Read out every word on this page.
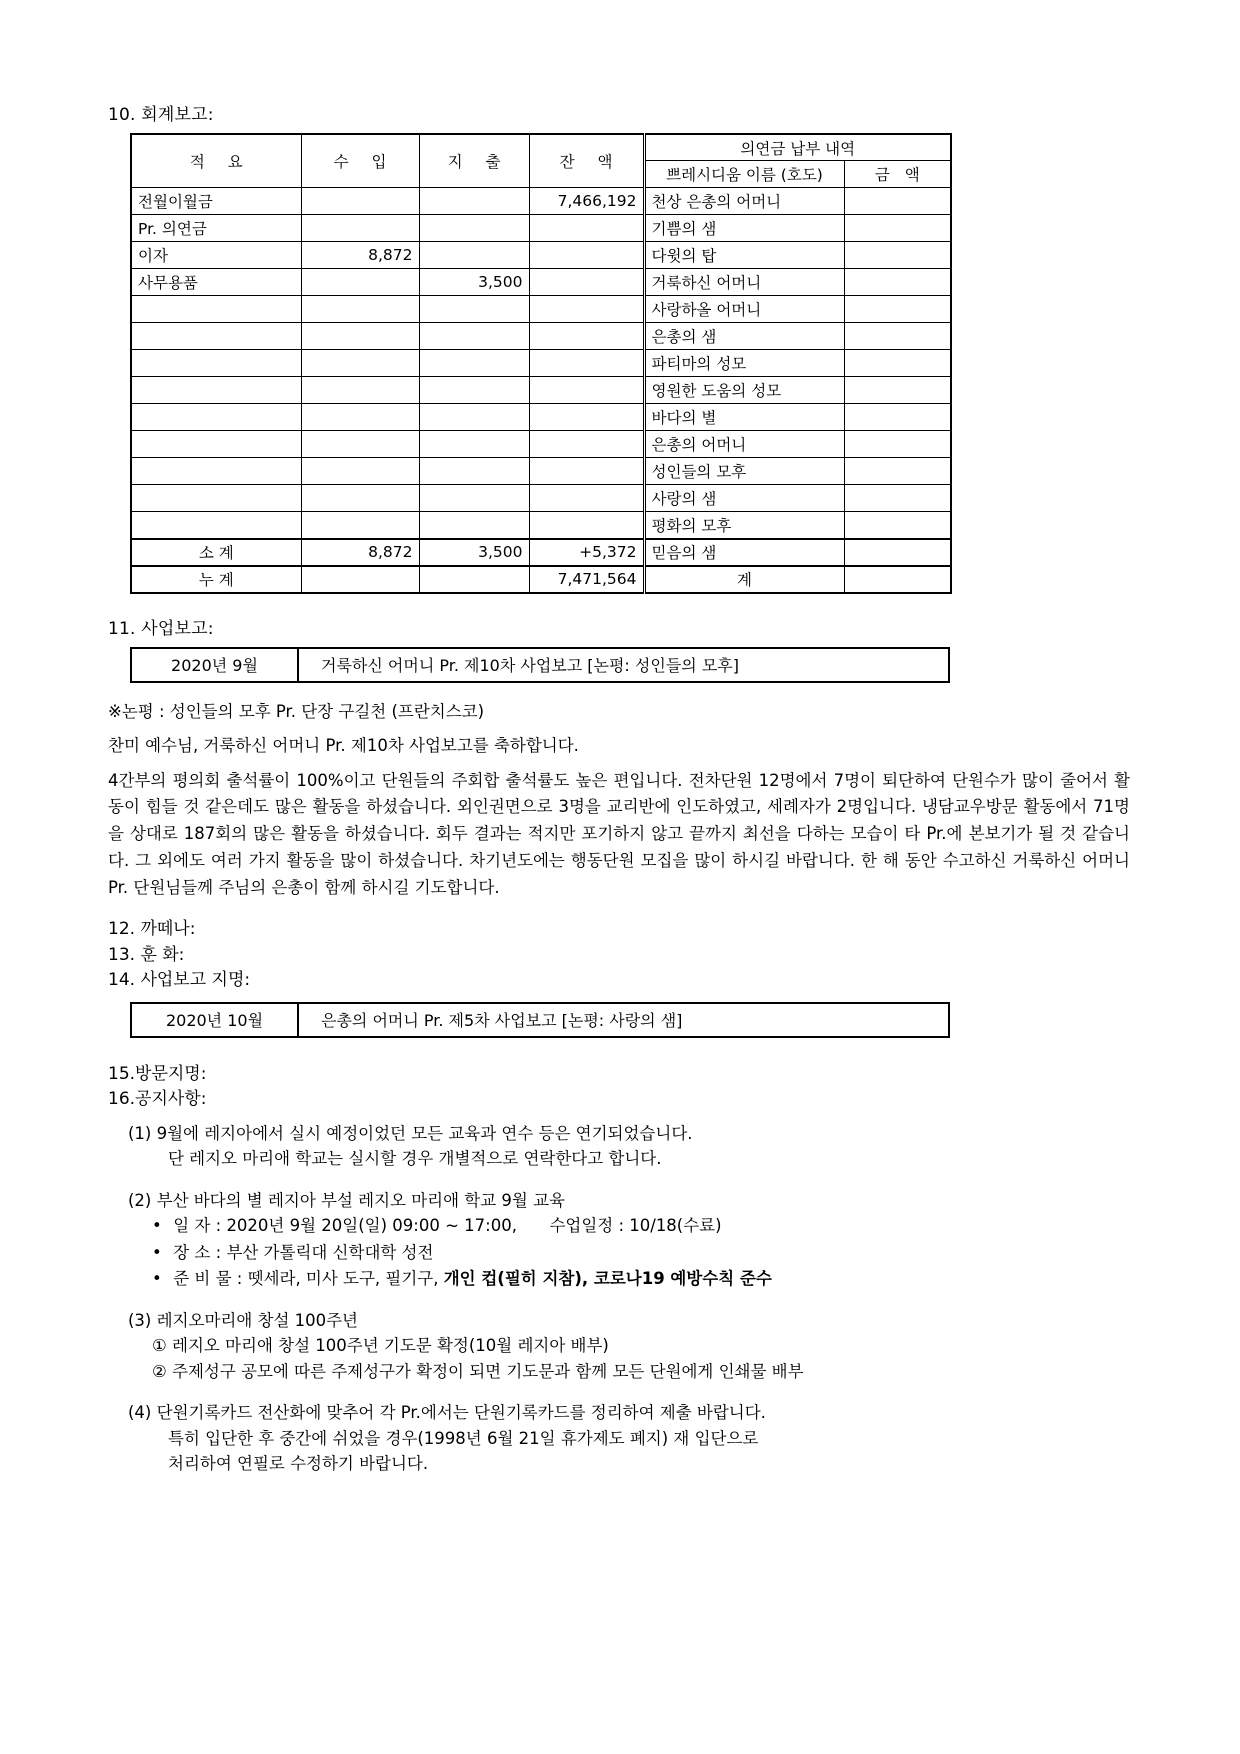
10. 회계보고:
적 요	수 입	지 출	잔 액	의연금 납부 내역	
				쁘레시디움 이름 (호도)	금 액
전월이월금			7,466,192	천상 은총의 어머니	
Pr. 의연금				기쁨의 샘	
이자	8,872			다윗의 탑	
사무용품		3,500		거룩하신 어머니	
				사랑하올 어머니	
				은총의 샘	
				파티마의 성모	
				영원한 도움의 성모	
				바다의 별	
				은총의 어머니	
				성인들의 모후	
				사랑의 샘	
				평화의 모후	
소 계	8,872	3,500	+5,372	믿음의 샘	
누 계			7,471,564	계	
11. 사업보고:
2020년 9월	거룩하신 어머니 Pr. 제10차 사업보고 [논평: 성인들의 모후]
※논평 : 성인들의 모후 Pr. 단장 구길천 (프란치스코)
찬미 예수님, 거룩하신 어머니 Pr. 제10차 사업보고를 축하합니다.
4간부의 평의회 출석률이 100%이고 단원들의 주회합 출석률도 높은 편입니다. 전차단원 12명에서 7명이 퇴단하여 단원수가 많이 줄어서 활동이 힘들 것 같은데도 많은 활동을 하셨습니다. 외인권면으로 3명을 교리반에 인도하였고, 세례자가 2명입니다. 냉담교우방문 활동에서 71명을 상대로 187회의 많은 활동을 하셨습니다. 회두 결과는 적지만 포기하지 않고 끝까지 최선을 다하는 모습이 타 Pr.에 본보기가 될 것 같습니다. 그 외에도 여러 가지 활동을 많이 하셨습니다. 차기년도에는 행동단원 모집을 많이 하시길 바랍니다. 한 해 동안 수고하신 거룩하신 어머니 Pr. 단원님들께 주님의 은총이 함께 하시길 기도합니다.
12. 까떼나:
13. 훈 화:
14. 사업보고 지명:
2020년 10월	은총의 어머니 Pr. 제5차 사업보고 [논평: 사랑의 샘]
15.방문지명:
16.공지사항:
(1) 9월에 레지아에서 실시 예정이었던 모든 교육과 연수 등은 연기되었습니다.
단 레지오 마리애 학교는 실시할 경우 개별적으로 연락한다고 합니다.
(2) 부산 바다의 별 레지아 부설 레지오 마리애 학교 9월 교육
• 일 자 : 2020년 9월 20일(일) 09:00 ~ 17:00, 수업일정 : 10/18(수료)
• 장 소 : 부산 가톨릭대 신학대학 성전
• 준 비 물 : 뗏세라, 미사 도구, 필기구, 개인 컵(필히 지참), 코로나19 예방수칙 준수
(3) 레지오마리애 창설 100주년
① 레지오 마리애 창설 100주년 기도문 확정(10월 레지아 배부)
② 주제성구 공모에 따른 주제성구가 확정이 되면 기도문과 함께 모든 단원에게 인쇄물 배부
(4) 단원기록카드 전산화에 맞추어 각 Pr.에서는 단원기록카드를 정리하여 제출 바랍니다.
특히 입단한 후 중간에 쉬었을 경우(1998년 6월 21일 휴가제도 폐지) 재 입단으로
처리하여 연필로 수정하기 바랍니다.
